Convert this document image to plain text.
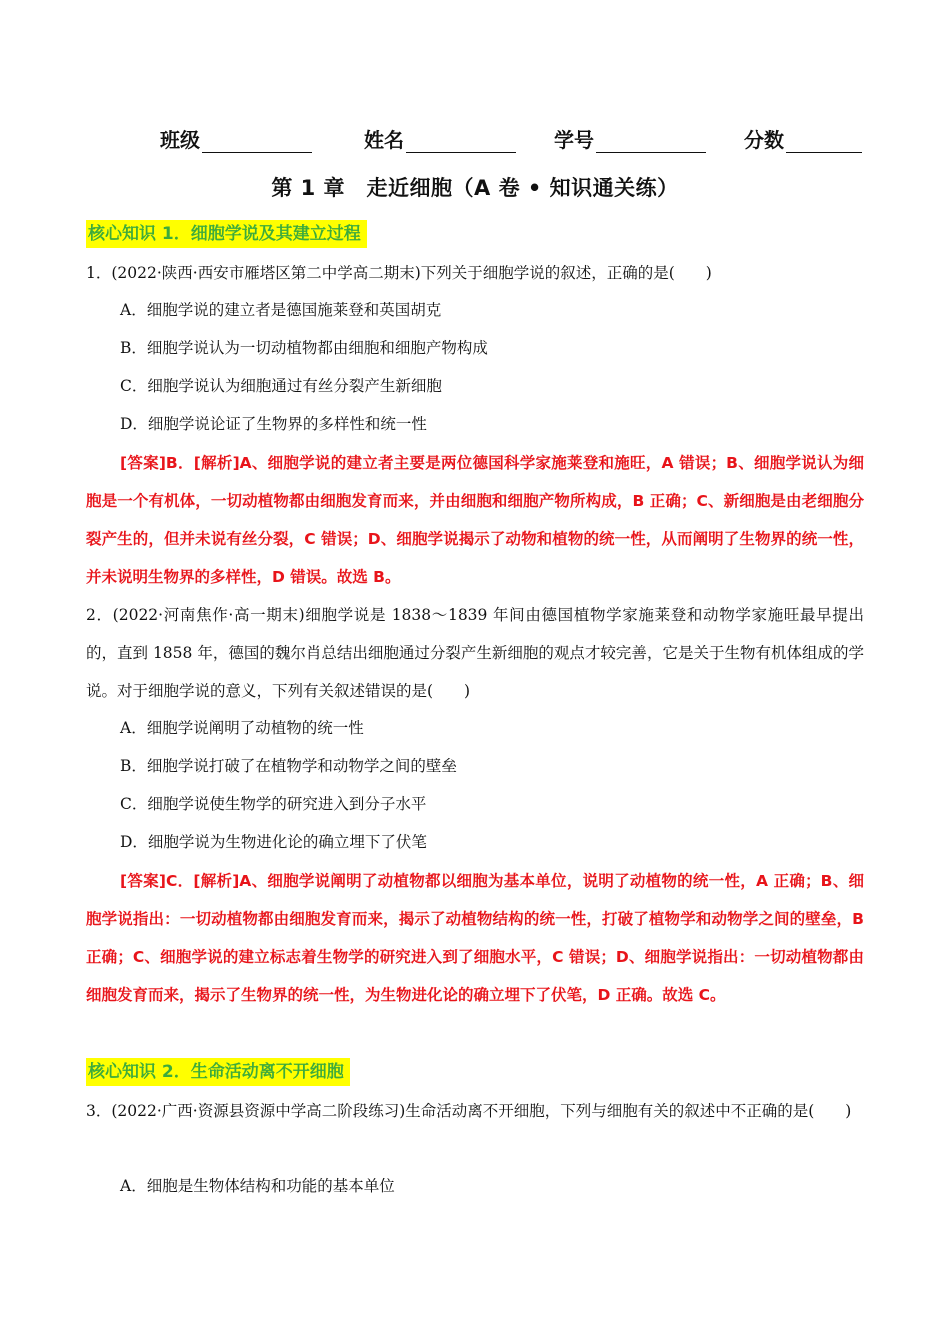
班级	姓名	学号	分数
第 1 章　走近细胞（A 卷 • 知识通关练）
核心知识 1．细胞学说及其建立过程
1．(2022·陕西·西安市雁塔区第二中学高二期末)下列关于细胞学说的叙述，正确的是(　　)
A．细胞学说的建立者是德国施莱登和英国胡克
B．细胞学说认为一切动植物都由细胞和细胞产物构成
C．细胞学说认为细胞通过有丝分裂产生新细胞
D．细胞学说论证了生物界的多样性和统一性
[答案]B．[解析]A、细胞学说的建立者主要是两位德国科学家施莱登和施旺，A 错误；B、细胞学说认为细胞是一个有机体，一切动植物都由细胞发育而来，并由细胞和细胞产物所构成，B 正确；C、新细胞是由老细胞分裂产生的，但并未说有丝分裂，C 错误；D、细胞学说揭示了动物和植物的统一性，从而阐明了生物界的统一性，并未说明生物界的多样性，D 错误。故选 B。
2．(2022·河南焦作·高一期末)细胞学说是 1838～1839 年间由德国植物学家施莱登和动物学家施旺最早提出的，直到 1858 年，德国的魏尔肖总结出细胞通过分裂产生新细胞的观点才较完善，它是关于生物有机体组成的学说。对于细胞学说的意义，下列有关叙述错误的是(　　)
A．细胞学说阐明了动植物的统一性
B．细胞学说打破了在植物学和动物学之间的壁垒
C．细胞学说使生物学的研究进入到分子水平
D．细胞学说为生物进化论的确立埋下了伏笔
[答案]C．[解析]A、细胞学说阐明了动植物都以细胞为基本单位，说明了动植物的统一性，A 正确；B、细胞学说指出：一切动植物都由细胞发育而来，揭示了动植物结构的统一性，打破了植物学和动物学之间的壁垒，B 正确；C、细胞学说的建立标志着生物学的研究进入到了细胞水平，C 错误；D、细胞学说指出：一切动植物都由细胞发育而来，揭示了生物界的统一性，为生物进化论的确立埋下了伏笔，D 正确。故选 C。
核心知识 2．生命活动离不开细胞
3．(2022·广西·资源县资源中学高二阶段练习)生命活动离不开细胞，下列与细胞有关的叙述中不正确的是(　　)
A．细胞是生物体结构和功能的基本单位
